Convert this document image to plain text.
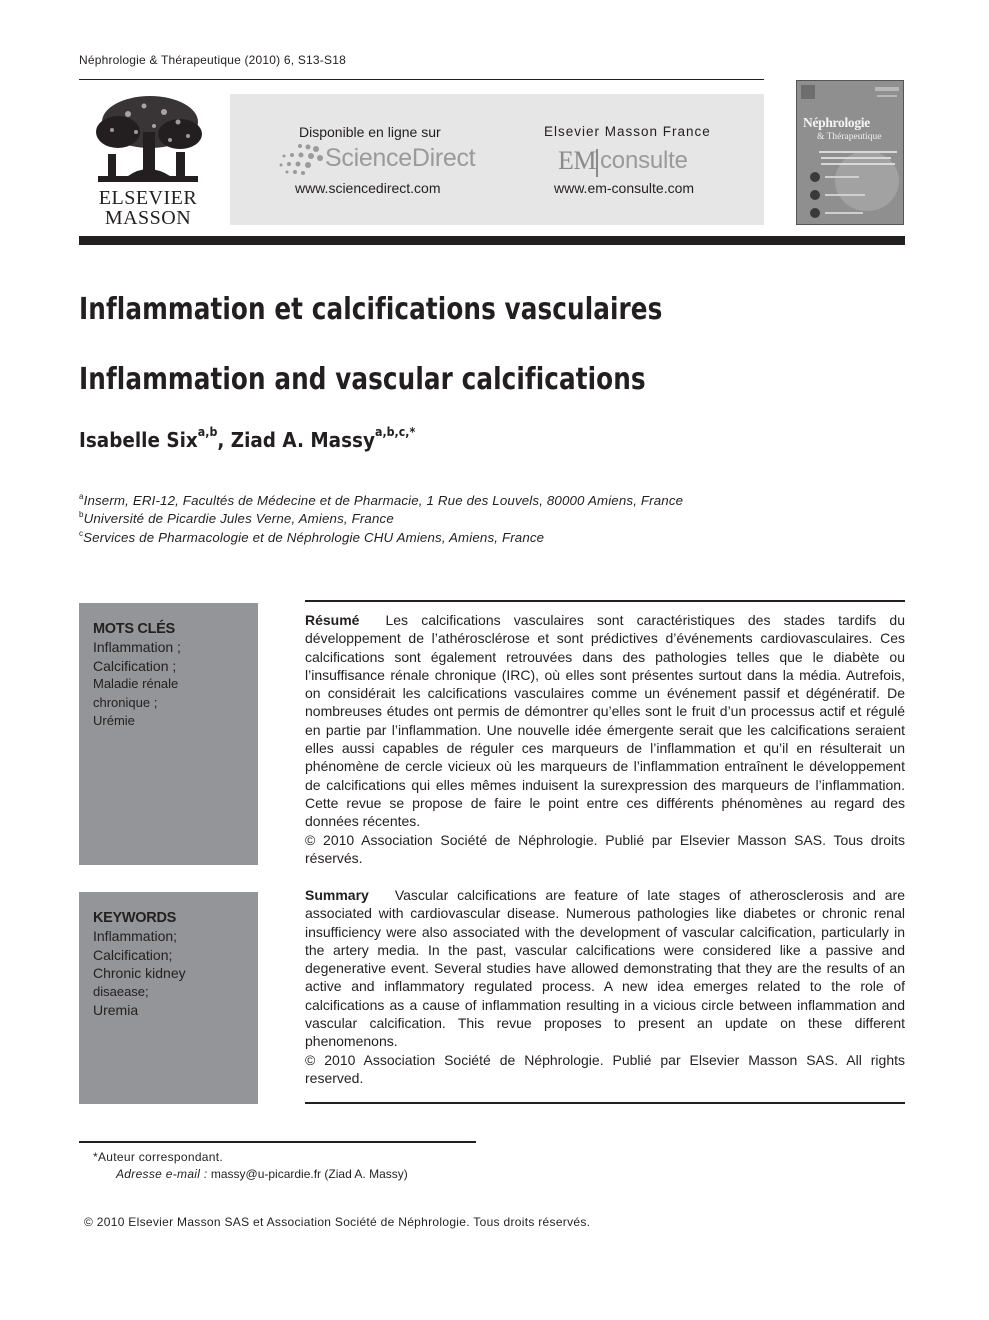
Néphrologie & Thérapeutique (2010) 6, S13-S18
ELSEVIER
MASSON
Disponible en ligne sur
ScienceDirect
www.sciencedirect.com
Elsevier Masson France
EM consulte
www.em-consulte.com
Néphrologie
& Thérapeutique
Inflammation et calcifications vasculaires
Inflammation and vascular calcifications
Isabelle Six$^{a,b}$, Ziad A. Massy$^{a,b,c,*}$
$^a$Inserm, ERI-12, Facultés de Médecine et de Pharmacie, 1 Rue des Louvels, 80000 Amiens, France
$^b$Université de Picardie Jules Verne, Amiens, France
$^c$Services de Pharmacologie et de Néphrologie CHU Amiens, Amiens, France
MOTS CLÉS
Inflammation ;
Calcification ;
Maladie rénale
chronique ;
Urémie
KEYWORDS
Inflammation;
Calcification;
Chronic kidney
disaease;
Uremia
Résumé Les calcifications vasculaires sont caractéristiques des stades tardifs du développement de l’athérosclérose et sont prédictives d’événements cardiovasculaires. Ces calcifications sont également retrouvées dans des pathologies telles que le diabète ou l’insuffisance rénale chronique (IRC), où elles sont présentes surtout dans la média. Autrefois, on considérait les calcifications vasculaires comme un événement passif et dégénératif. De nombreuses études ont permis de démontrer qu’elles sont le fruit d’un processus actif et régulé en partie par l’inflammation. Une nouvelle idée émergente serait que les calcifications seraient elles aussi capables de réguler ces marqueurs de l’inflammation et qu’il en résulterait un phénomène de cercle vicieux où les marqueurs de l’inflammation entraînent le développement de calcifications qui elles mêmes induisent la surexpression des marqueurs de l’inflammation. Cette revue se propose de faire le point entre ces différents phénomènes au regard des données récentes.
© 2010 Association Société de Néphrologie. Publié par Elsevier Masson SAS. Tous droits réservés.
Summary Vascular calcifications are feature of late stages of atherosclerosis and are associated with cardiovascular disease. Numerous pathologies like diabetes or chronic renal insufficiency were also associated with the development of vascular calcification, particularly in the artery media. In the past, vascular calcifications were considered like a passive and degenerative event. Several studies have allowed demonstrating that they are the results of an active and inflammatory regulated process. A new idea emerges related to the role of calcifications as a cause of inflammation resulting in a vicious circle between inflammation and vascular calcification. This revue proposes to present an update on these different phenomenons.
© 2010 Association Société de Néphrologie. Publié par Elsevier Masson SAS. All rights reserved.
*Auteur correspondant.
Adresse e-mail : massy@u-picardie.fr (Ziad A. Massy)
© 2010 Elsevier Masson SAS et Association Société de Néphrologie. Tous droits réservés.
